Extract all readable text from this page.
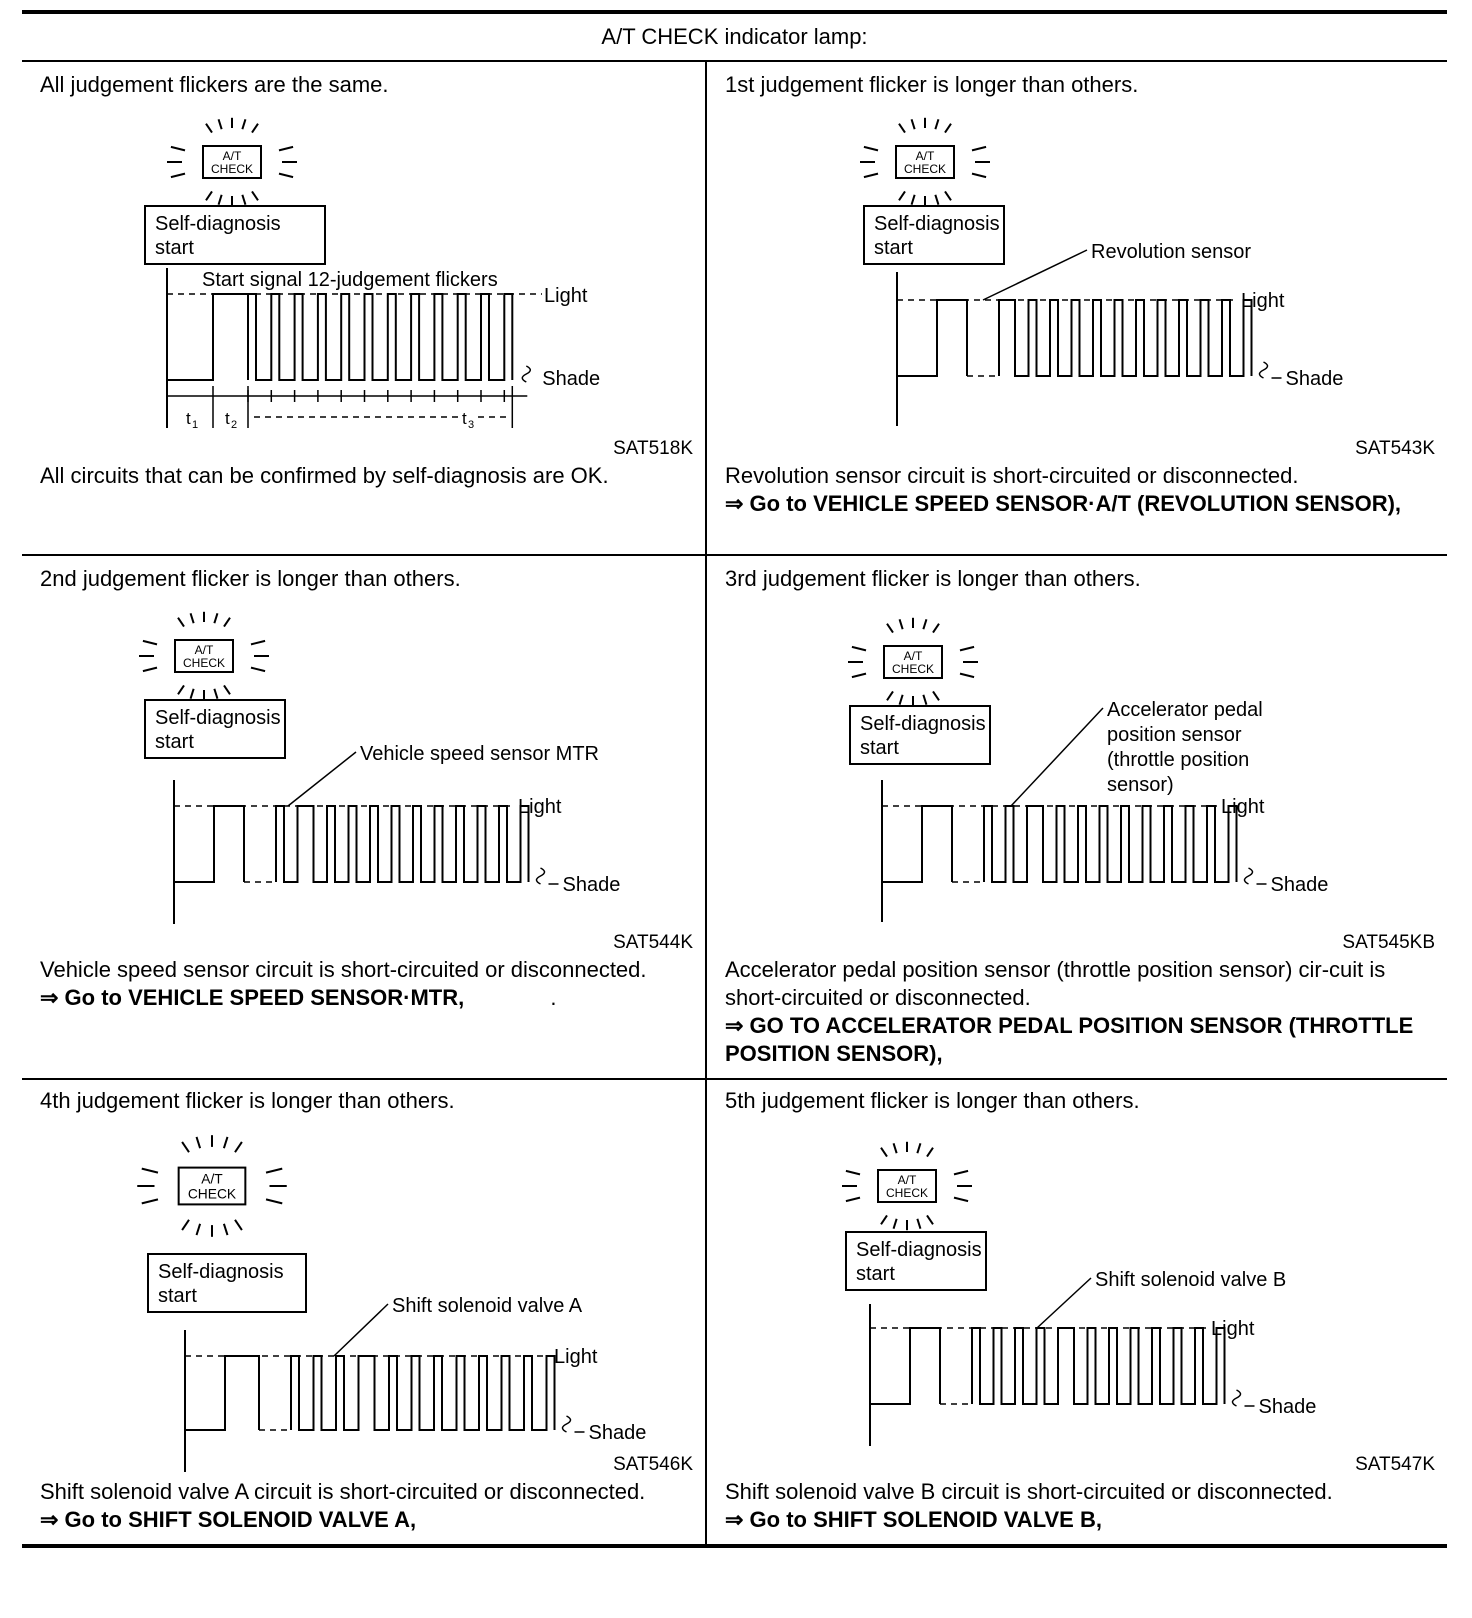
A/T CHECK indicator lamp:
All judgement flickers are the same.
A/T
CHECK
Self-diagnosis
start
Start signal 12-judgement flickers
Light
Shade
t 1 t 2	t 3
SAT518K
All circuits that can be confirmed by self-diagnosis are OK.
1st judgement flicker is longer than others.
A/T
CHECK
Self-diagnosis
start
Shade
Light
Revolution sensor
SAT543K
Revolution sensor circuit is short-circuited or disconnected.
⇒ Go to VEHICLE SPEED SENSOR·A/T (REVOLUTION SENSOR),
2nd judgement flicker is longer than others.
A/T
CHECK
Self-diagnosis
start
Shade
Light
Vehicle speed sensor MTR
SAT544K
Vehicle speed sensor circuit is short-circuited or disconnected.
⇒ Go to VEHICLE SPEED SENSOR·MTR,	.
3rd judgement flicker is longer than others.
A/T
CHECK
Self-diagnosis
start
Shade
Light
Accelerator pedal
position sensor
(throttle position
sensor)
SAT545KB
Accelerator pedal position sensor (throttle position sensor) cir-cuit is short-circuited or disconnected.
⇒ GO TO ACCELERATOR PEDAL POSITION SENSOR (THROTTLE POSITION SENSOR),
4th judgement flicker is longer than others.
A/T
CHECK
Self-diagnosis
start
Shade
Light
Shift solenoid valve A
SAT546K
Shift solenoid valve A circuit is short-circuited or disconnected.
⇒ Go to SHIFT SOLENOID VALVE A,
5th judgement flicker is longer than others.
A/T
CHECK
Self-diagnosis
start
Shade
Light
Shift solenoid valve B
SAT547K
Shift solenoid valve B circuit is short-circuited or disconnected.
⇒ Go to SHIFT SOLENOID VALVE B,
